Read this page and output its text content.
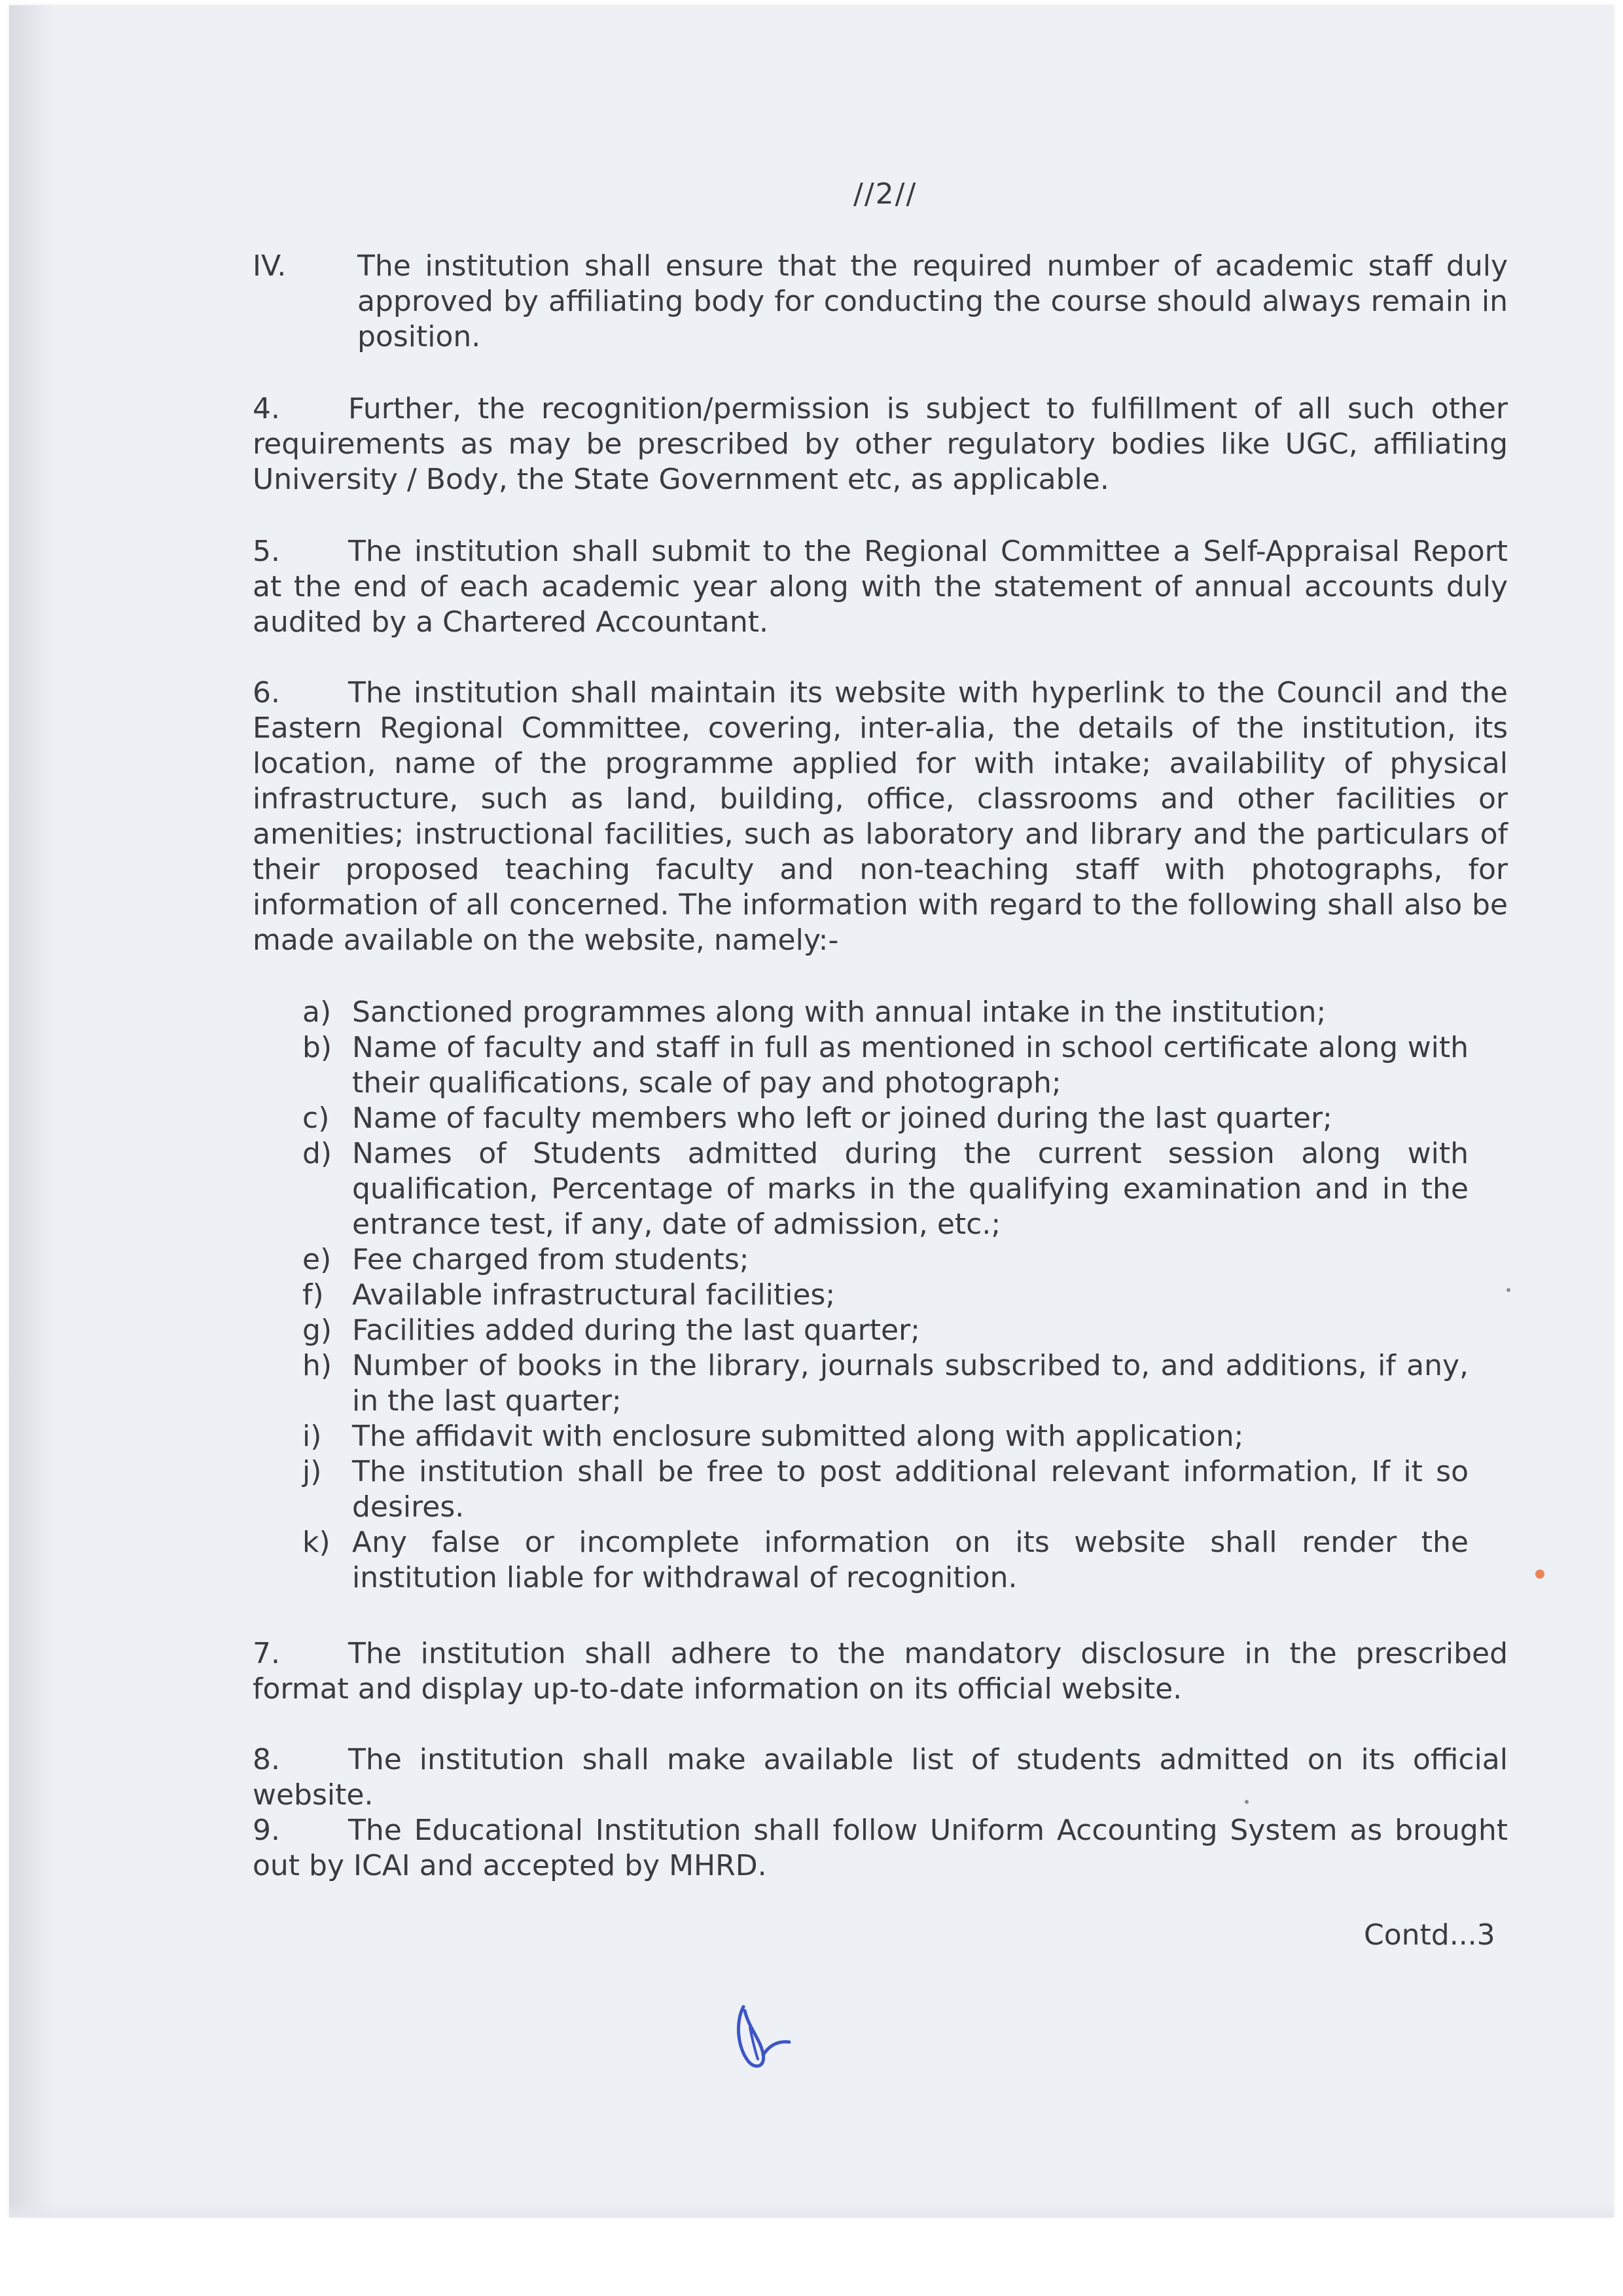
//2//
IV. The institution shall ensure that the required number of academic staff duly approved by affiliating body for conducting the course should always remain in position.
4. Further, the recognition/permission is subject to fulfillment of all such other requirements as may be prescribed by other regulatory bodies like UGC, affiliating University / Body, the State Government etc, as applicable.
5. The institution shall submit to the Regional Committee a Self-Appraisal Report at the end of each academic year along with the statement of annual accounts duly audited by a Chartered Accountant.
6. The institution shall maintain its website with hyperlink to the Council and the Eastern Regional Committee, covering, inter-alia, the details of the institution, its location, name of the programme applied for with intake; availability of physical infrastructure, such as land, building, office, classrooms and other facilities or amenities; instructional facilities, such as laboratory and library and the particulars of their proposed teaching faculty and non-teaching staff with photographs, for information of all concerned. The information with regard to the following shall also be made available on the website, namely:-
a) Sanctioned programmes along with annual intake in the institution;
b) Name of faculty and staff in full as mentioned in school certificate along with their qualifications, scale of pay and photograph;
c) Name of faculty members who left or joined during the last quarter;
d) Names of Students admitted during the current session along with qualification, Percentage of marks in the qualifying examination and in the entrance test, if any, date of admission, etc.;
e) Fee charged from students;
f) Available infrastructural facilities;
g) Facilities added during the last quarter;
h) Number of books in the library, journals subscribed to, and additions, if any, in the last quarter;
i) The affidavit with enclosure submitted along with application;
j) The institution shall be free to post additional relevant information, If it so desires.
k) Any false or incomplete information on its website shall render the institution liable for withdrawal of recognition.
7. The institution shall adhere to the mandatory disclosure in the prescribed format and display up-to-date information on its official website.
8. The institution shall make available list of students admitted on its official website.
9. The Educational Institution shall follow Uniform Accounting System as brought out by ICAI and accepted by MHRD.
Contd...3
